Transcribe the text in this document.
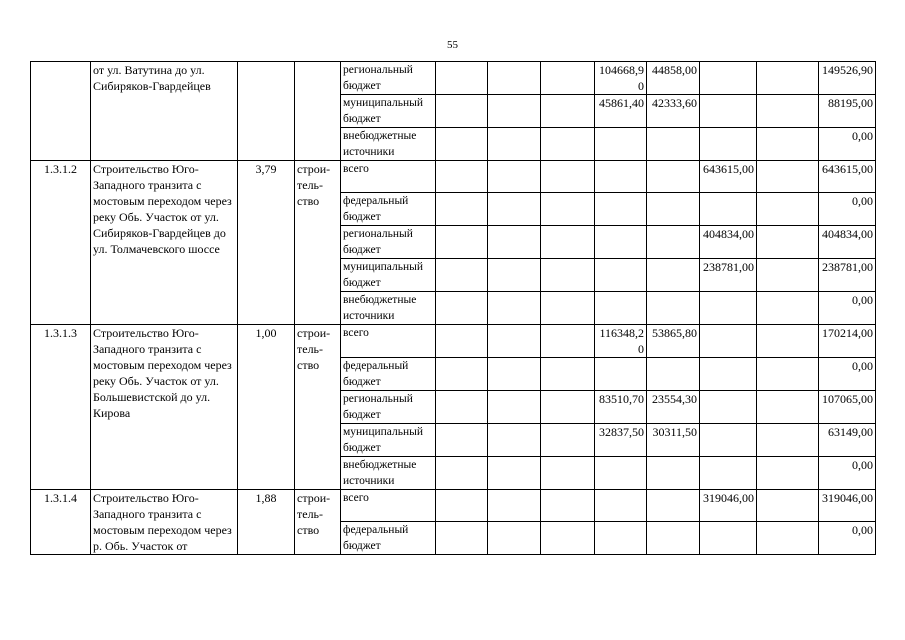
55
	от ул. Ватутина до ул. Сибиряков-Гвардейцев			региональный бюджет				104668,90	44858,00			149526,90
				муниципальный бюджет				45861,40	42333,60			88195,00
				внебюджетные источники								0,00
1.3.1.2	Строительство Юго-Западного транзита с мостовым переходом через реку Обь. Участок от ул. Сибиряков-Гвардейцев до ул. Толмачевского шоссе	3,79	строи-тель-ство	всего						643615,00		643615,00
				федеральный бюджет								0,00
				региональный бюджет						404834,00		404834,00
				муниципальный бюджет						238781,00		238781,00
				внебюджетные источники								0,00
1.3.1.3	Строительство Юго-Западного транзита с мостовым переходом через реку Обь. Участок от ул. Большевистской до ул. Кирова	1,00	строи-тель-ство	всего				116348,20	53865,80			170214,00
				федеральный бюджет								0,00
				региональный бюджет				83510,70	23554,30			107065,00
				муниципальный бюджет				32837,50	30311,50			63149,00
				внебюджетные источники								0,00
1.3.1.4	Строительство Юго-Западного транзита с мостовым переходом через р. Обь. Участок от	1,88	строи-тель-ство	всего						319046,00		319046,00
				федеральный бюджет								0,00
